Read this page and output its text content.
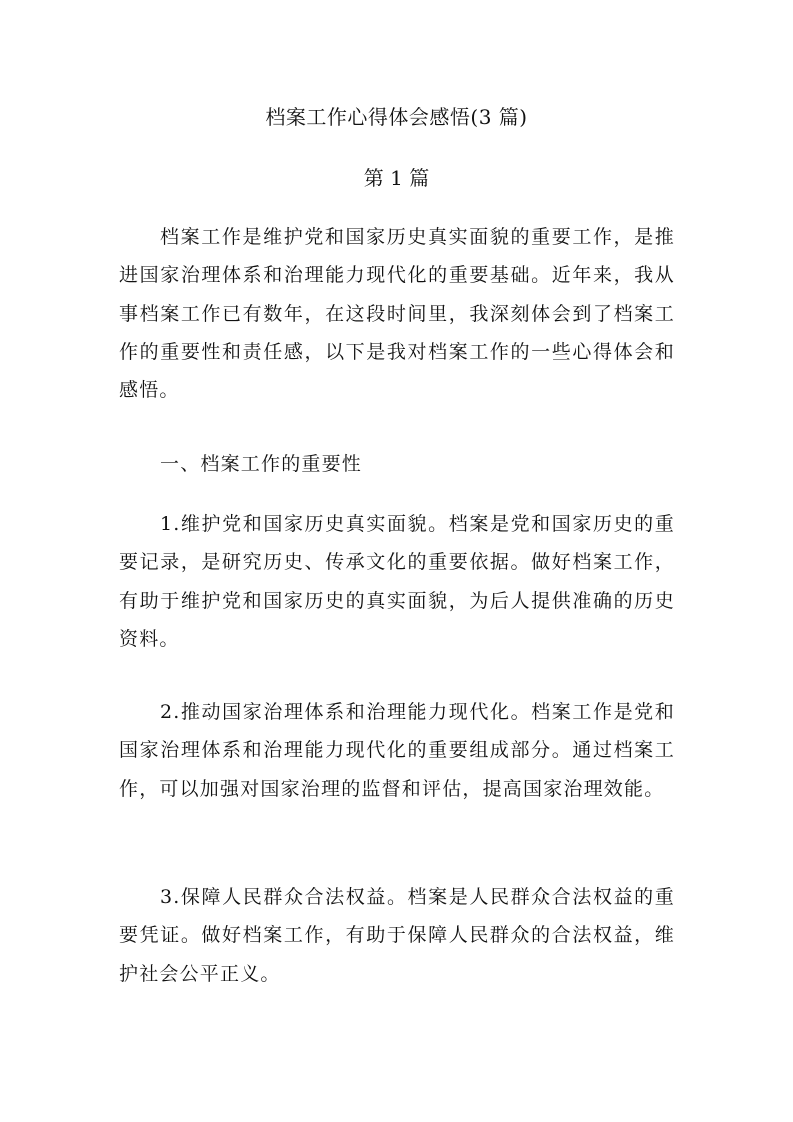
档案工作心得体会感悟(3 篇)
第 1 篇

档案工作是维护党和国家历史真实面貌的重要工作，是推进国家治理体系和治理能力现代化的重要基础。近年来，我从事档案工作已有数年，在这段时间里，我深刻体会到了档案工作的重要性和责任感，以下是我对档案工作的一些心得体会和感悟。

一、档案工作的重要性

1.维护党和国家历史真实面貌。档案是党和国家历史的重要记录，是研究历史、传承文化的重要依据。做好档案工作，有助于维护党和国家历史的真实面貌，为后人提供准确的历史资料。

2.推动国家治理体系和治理能力现代化。档案工作是党和国家治理体系和治理能力现代化的重要组成部分。通过档案工作，可以加强对国家治理的监督和评估，提高国家治理效能。

3.保障人民群众合法权益。档案是人民群众合法权益的重要凭证。做好档案工作，有助于保障人民群众的合法权益，维护社会公平正义。
